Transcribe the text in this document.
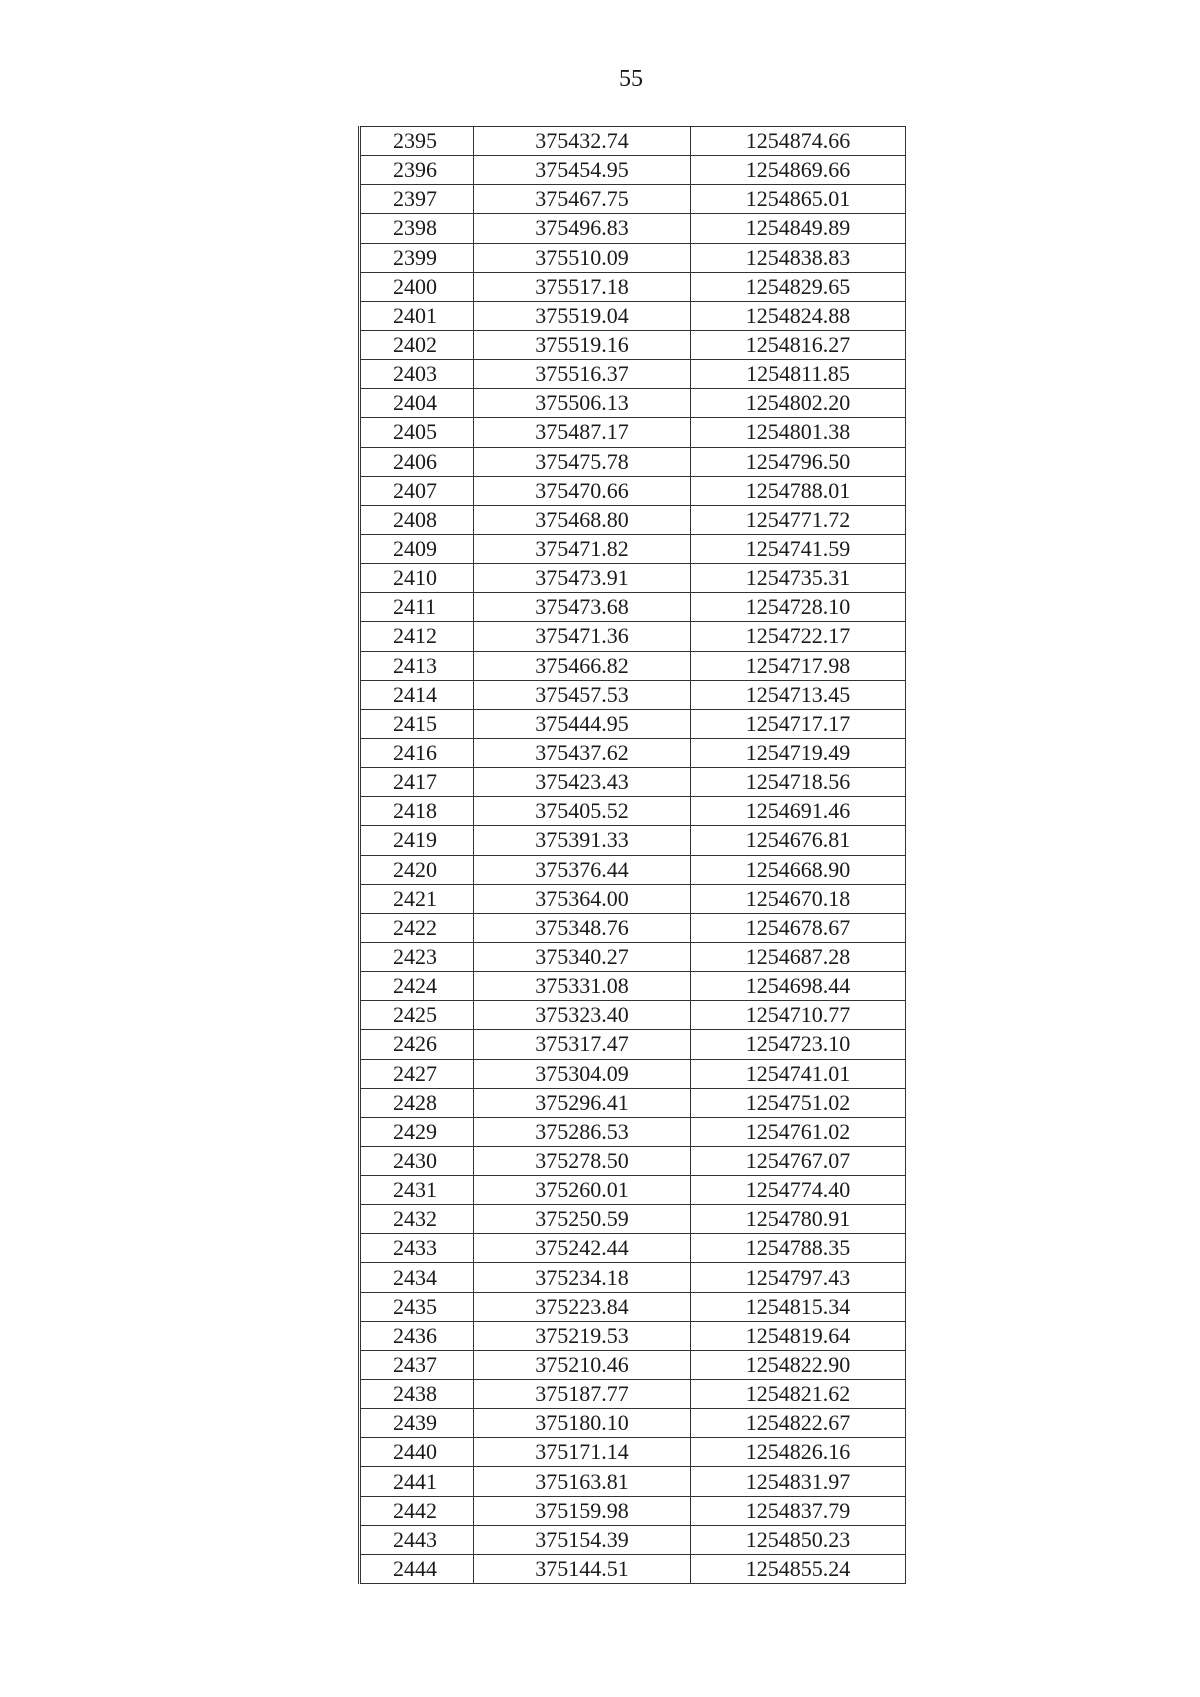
55
2395	375432.74	1254874.66
2396	375454.95	1254869.66
2397	375467.75	1254865.01
2398	375496.83	1254849.89
2399	375510.09	1254838.83
2400	375517.18	1254829.65
2401	375519.04	1254824.88
2402	375519.16	1254816.27
2403	375516.37	1254811.85
2404	375506.13	1254802.20
2405	375487.17	1254801.38
2406	375475.78	1254796.50
2407	375470.66	1254788.01
2408	375468.80	1254771.72
2409	375471.82	1254741.59
2410	375473.91	1254735.31
2411	375473.68	1254728.10
2412	375471.36	1254722.17
2413	375466.82	1254717.98
2414	375457.53	1254713.45
2415	375444.95	1254717.17
2416	375437.62	1254719.49
2417	375423.43	1254718.56
2418	375405.52	1254691.46
2419	375391.33	1254676.81
2420	375376.44	1254668.90
2421	375364.00	1254670.18
2422	375348.76	1254678.67
2423	375340.27	1254687.28
2424	375331.08	1254698.44
2425	375323.40	1254710.77
2426	375317.47	1254723.10
2427	375304.09	1254741.01
2428	375296.41	1254751.02
2429	375286.53	1254761.02
2430	375278.50	1254767.07
2431	375260.01	1254774.40
2432	375250.59	1254780.91
2433	375242.44	1254788.35
2434	375234.18	1254797.43
2435	375223.84	1254815.34
2436	375219.53	1254819.64
2437	375210.46	1254822.90
2438	375187.77	1254821.62
2439	375180.10	1254822.67
2440	375171.14	1254826.16
2441	375163.81	1254831.97
2442	375159.98	1254837.79
2443	375154.39	1254850.23
2444	375144.51	1254855.24
